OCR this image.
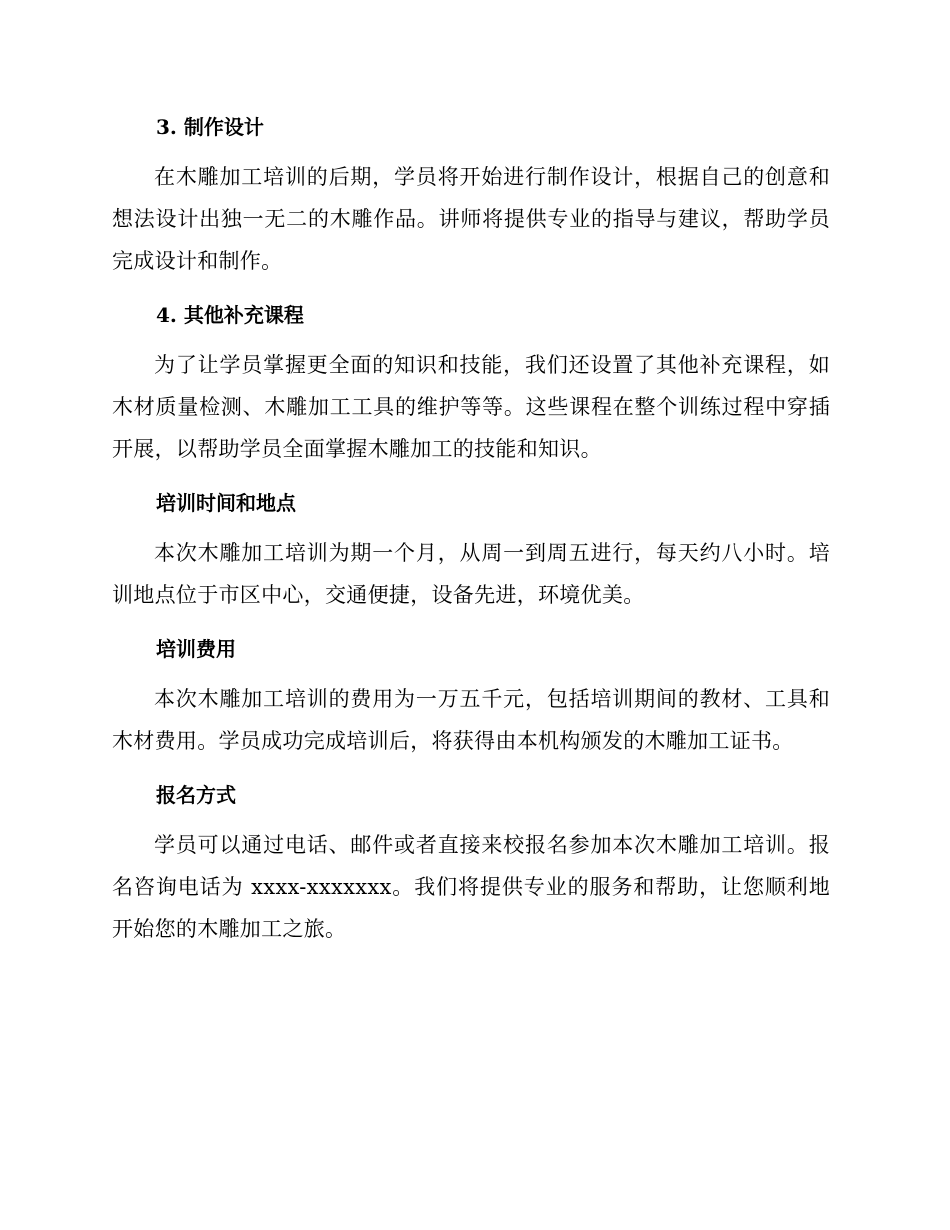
3. 制作设计

在木雕加工培训的后期，学员将开始进行制作设计，根据自己的创意和想法设计出独一无二的木雕作品。讲师将提供专业的指导与建议，帮助学员完成设计和制作。

4. 其他补充课程

为了让学员掌握更全面的知识和技能，我们还设置了其他补充课程，如木材质量检测、木雕加工工具的维护等等。这些课程在整个训练过程中穿插开展，以帮助学员全面掌握木雕加工的技能和知识。

培训时间和地点

本次木雕加工培训为期一个月，从周一到周五进行，每天约八小时。培训地点位于市区中心，交通便捷，设备先进，环境优美。

培训费用

本次木雕加工培训的费用为一万五千元，包括培训期间的教材、工具和木材费用。学员成功完成培训后，将获得由本机构颁发的木雕加工证书。

报名方式

学员可以通过电话、邮件或者直接来校报名参加本次木雕加工培训。报名咨询电话为 xxxx-xxxxxxx。我们将提供专业的服务和帮助，让您顺利地开始您的木雕加工之旅。
